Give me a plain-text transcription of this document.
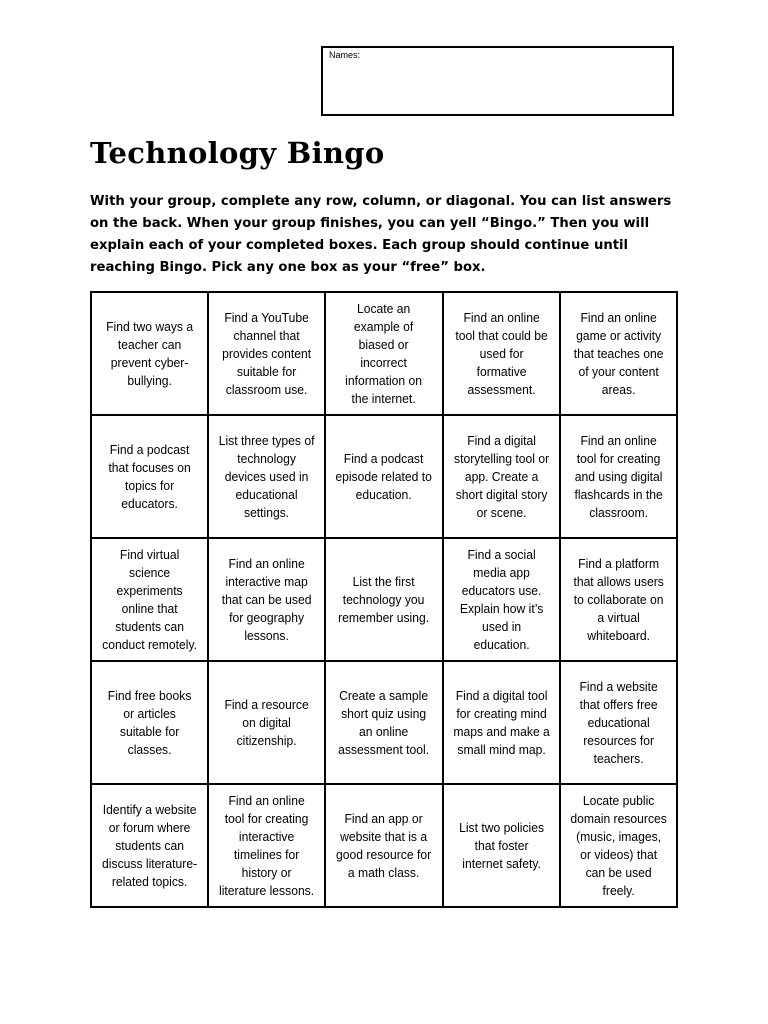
Names:
Technology Bingo

With your group, complete any row, column, or diagonal. You can list answers on the back. When your group finishes, you can yell “Bingo.” Then you will explain each of your completed boxes. Each group should continue until reaching Bingo. Pick any one box as your “free” box.

Find two ways a teacher can prevent cyber-bullying.	Find a YouTube channel that provides content suitable for classroom use.	Locate an example of biased or incorrect information on the internet.	Find an online tool that could be used for formative assessment.	Find an online game or activity that teaches one of your content areas.
Find a podcast that focuses on topics for educators.	List three types of technology devices used in educational settings.	Find a podcast episode related to education.	Find a digital storytelling tool or app. Create a short digital story or scene.	Find an online tool for creating and using digital flashcards in the classroom.
Find virtual science experiments online that students can conduct remotely.	Find an online interactive map that can be used for geography lessons.	List the first technology you remember using.	Find a social media app educators use. Explain how it’s used in education.	Find a platform that allows users to collaborate on a virtual whiteboard.
Find free books or articles suitable for classes.	Find a resource on digital citizenship.	Create a sample short quiz using an online assessment tool.	Find a digital tool for creating mind maps and make a small mind map.	Find a website that offers free educational resources for teachers.
Identify a website or forum where students can discuss literature-related topics.	Find an online tool for creating interactive timelines for history or literature lessons.	Find an app or website that is a good resource for a math class.	List two policies that foster internet safety.	Locate public domain resources (music, images, or videos) that can be used freely.
